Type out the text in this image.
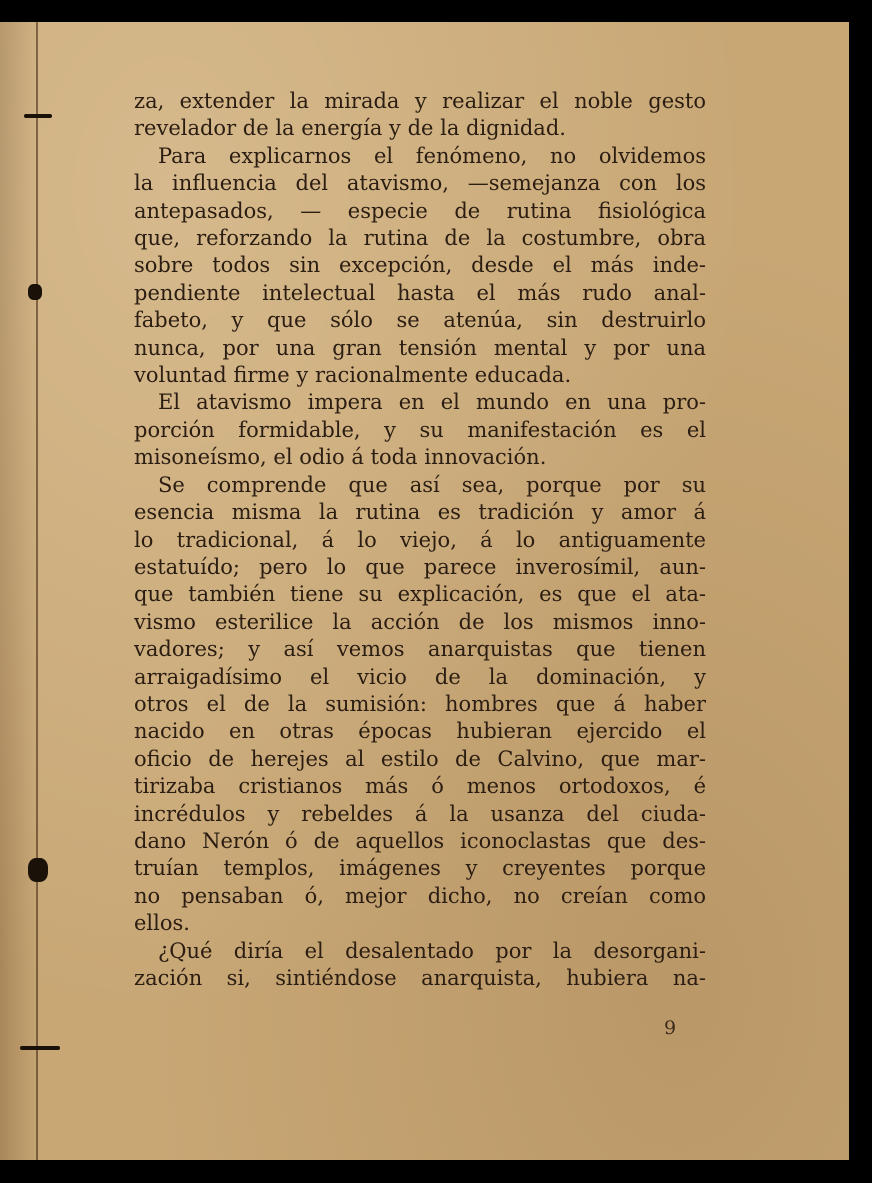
za, extender la mirada y realizar el noble gesto
revelador de la energía y de la dignidad.
Para explicarnos el fenómeno, no olvidemos
la influencia del atavismo, —semejanza con los
antepasados, — especie de rutina fisiológica
que, reforzando la rutina de la costumbre, obra
sobre todos sin excepción, desde el más inde-
pendiente intelectual hasta el más rudo anal-
fabeto, y que sólo se atenúa, sin destruirlo
nunca, por una gran tensión mental y por una
voluntad firme y racionalmente educada.
El atavismo impera en el mundo en una pro-
porción formidable, y su manifestación es el
misoneísmo, el odio á toda innovación.
Se comprende que así sea, porque por su
esencia misma la rutina es tradición y amor á
lo tradicional, á lo viejo, á lo antiguamente
estatuído; pero lo que parece inverosímil, aun-
que también tiene su explicación, es que el ata-
vismo esterilice la acción de los mismos inno-
vadores; y así vemos anarquistas que tienen
arraigadísimo el vicio de la dominación, y
otros el de la sumisión: hombres que á haber
nacido en otras épocas hubieran ejercido el
oficio de herejes al estilo de Calvino, que mar-
tirizaba cristianos más ó menos ortodoxos, é
incrédulos y rebeldes á la usanza del ciuda-
dano Nerón ó de aquellos iconoclastas que des-
truían templos, imágenes y creyentes porque
no pensaban ó, mejor dicho, no creían como
ellos.
¿Qué diría el desalentado por la desorgani-
zación si, sintiéndose anarquista, hubiera na-
9
